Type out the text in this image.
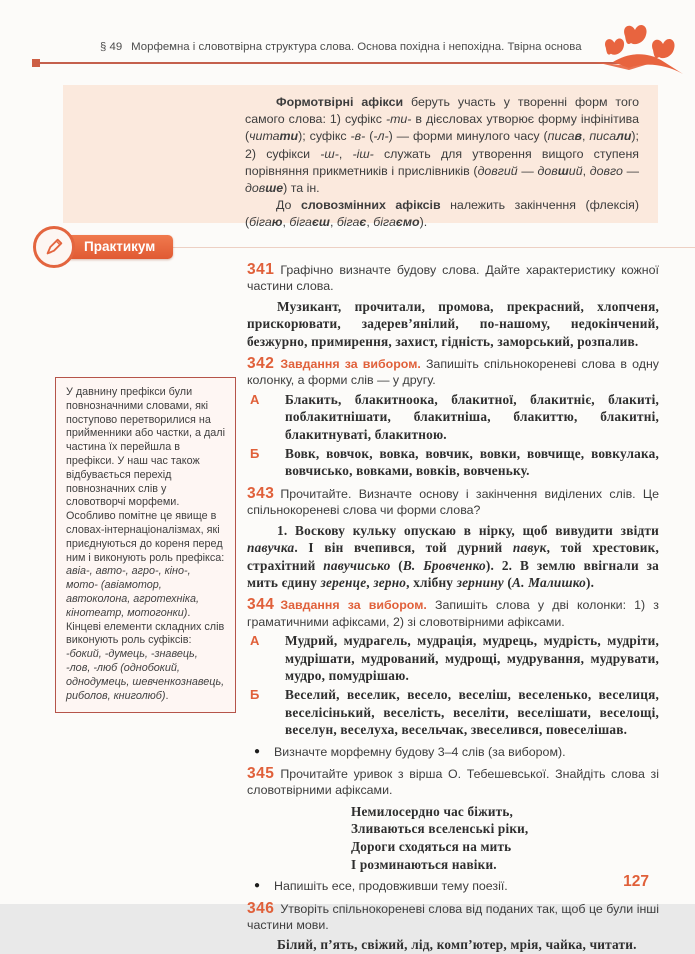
§ 49 Морфемна і словотвірна структура слова. Основа похідна і непохідна. Твірна основа

Формотвірні афікси беруть участь у творенні форм того самого слова: 1) суфікс -ти- в дієсловах утворює форму інфінітива (читати); суфікс -в- (-л-) — форми минулого часу (писав, писали); 2) суфікси -ш-, -іш- служать для утворення вищого ступеня порівняння прикметників і прислівників (довгий — довший, довго — довше) та ін.

До словозмінних афіксів належить закінчення (флексія) (бігаю, бігаєш, бігає, бігаємо).

Практикум

У давнину префікси були повнозначними словами, які поступово перетворилися на прийменники або частки, а далі частина їх перейшла в префікси. У наш час також відбувається перехід повнозначних слів у словотворчі морфеми. Особливо помітне це явище в словах-інтернаціоналізмах, які приєднуються до кореня перед ним і виконують роль префікса: авіа-, авто-, агро-, кіно-, мото- (авіамотор, автоколона, агротехніка, кінотеатр, мотогонки). Кінцеві елементи складних слів виконують роль суфіксів: -бокий, -думець, -знавець, -лов, -люб (однобокий, однодумець, шевченкознавець, риболов, книголюб).

341 Графічно визначте будову слова. Дайте характеристику кожної частини слова.

Музикант, прочитали, промова, прекрасний, хлопченя, прискорювати, задерев’янілий, по-нашому, недокінчений, безжурно, примирення, захист, гідність, заморський, розпалив.

342 Завдання за вибором. Запишіть спільнокореневі слова в одну колонку, а форми слів — у другу.

А Блакить, блакитноока, блакитної, блакитніє, блакиті, поблакитнішати, блакитніша, блакиттю, блакитні, блакитнуваті, блакитною.

Б Вовк, вовчок, вовка, вовчик, вовки, вовчище, вовкулака, вовчисько, вовками, вовків, вовченьку.

343 Прочитайте. Визначте основу і закінчення виділених слів. Це спільнокореневі слова чи форми слова?

1. Воскову кульку опускаю в нірку, щоб вивудити звідти павучка. І він вчепився, той дурний павук, той хрестовик, страхітний павучисько (В. Бровченко). 2. В землю ввігнали за мить єдину зеренце, зерно, хлібну зернину (А. Малишко).

344 Завдання за вибором. Запишіть слова у дві колонки: 1) з граматичними афіксами, 2) зі словотвірними афіксами.

А Мудрий, мудрагель, мудрація, мудрець, мудрість, мудріти, мудрішати, мудрований, мудрощі, мудрування, мудрувати, мудро, помудрішаю.

Б Веселий, веселик, весело, веселіш, веселенько, веселиця, веселісінький, веселість, веселіти, веселішати, веселощі, веселун, веселуха, весельчак, звеселився, повеселішав.

● Визначте морфемну будову 3–4 слів (за вибором).

345 Прочитайте уривок з вірша О. Тебешевської. Знайдіть слова зі словотвірними афіксами.

Немилосердно час біжить,

Зливаються вселенські ріки,

Дороги сходяться на мить

І розминаються навіки.

● Напишіть есе, продовживши тему поезії.

346 Утворіть спільнокореневі слова від поданих так, щоб це були інші частини мови.

Білий, п’ять, свіжий, лід, комп’ютер, мрія, чайка, читати.

127
